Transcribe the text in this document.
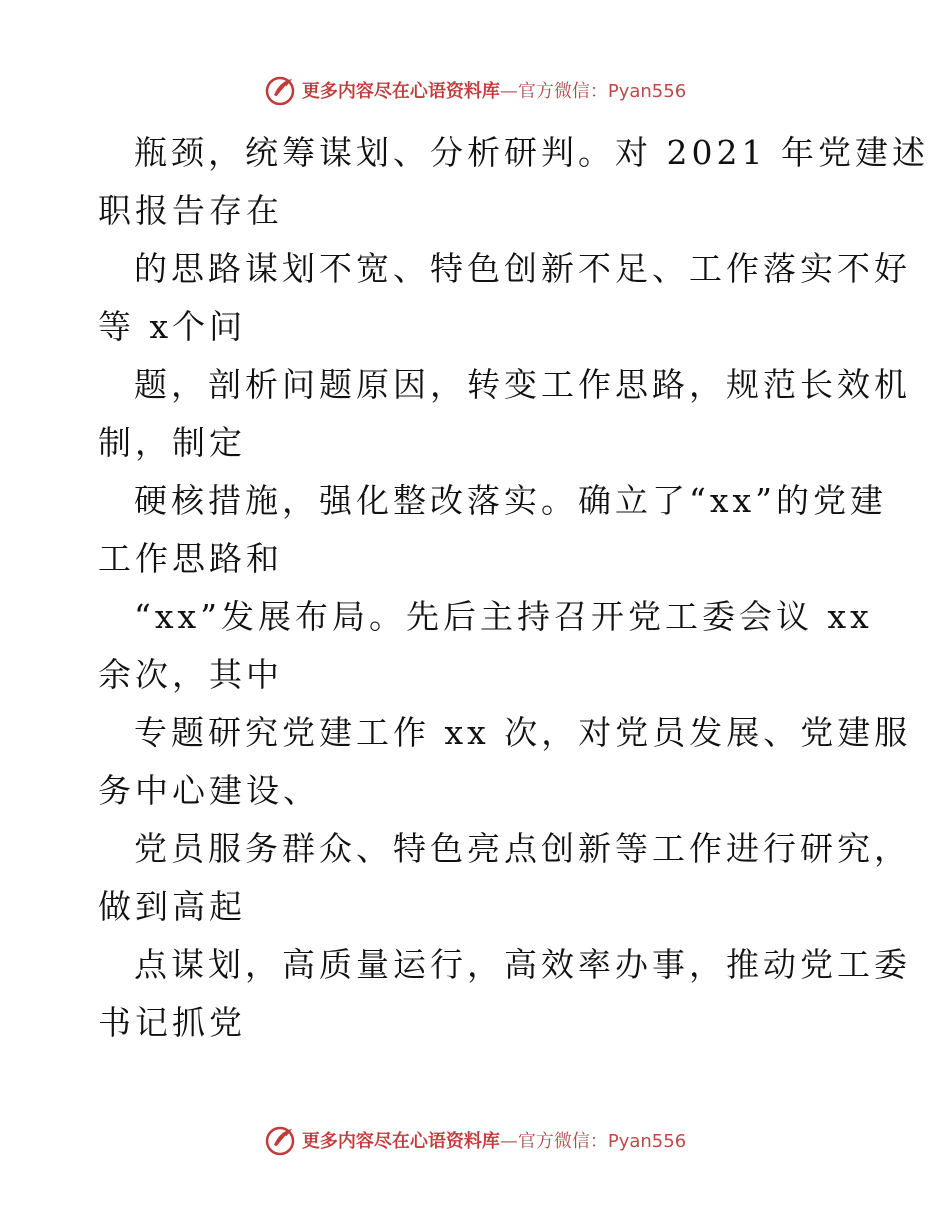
更多内容尽在心语资料库—官方微信：Pyan556
瓶颈，统筹谋划、分析研判。对 2021 年党建述
职报告存在
的思路谋划不宽、特色创新不足、工作落实不好
等 x个问
题，剖析问题原因，转变工作思路，规范长效机
制，制定
硬核措施，强化整改落实。确立了“xx”的党建
工作思路和
“xx”发展布局。先后主持召开党工委会议 xx
余次，其中
专题研究党建工作 xx 次，对党员发展、党建服
务中心建设、
党员服务群众、特色亮点创新等工作进行研究，
做到高起
点谋划，高质量运行，高效率办事，推动党工委
书记抓党
更多内容尽在心语资料库—官方微信：Pyan556
